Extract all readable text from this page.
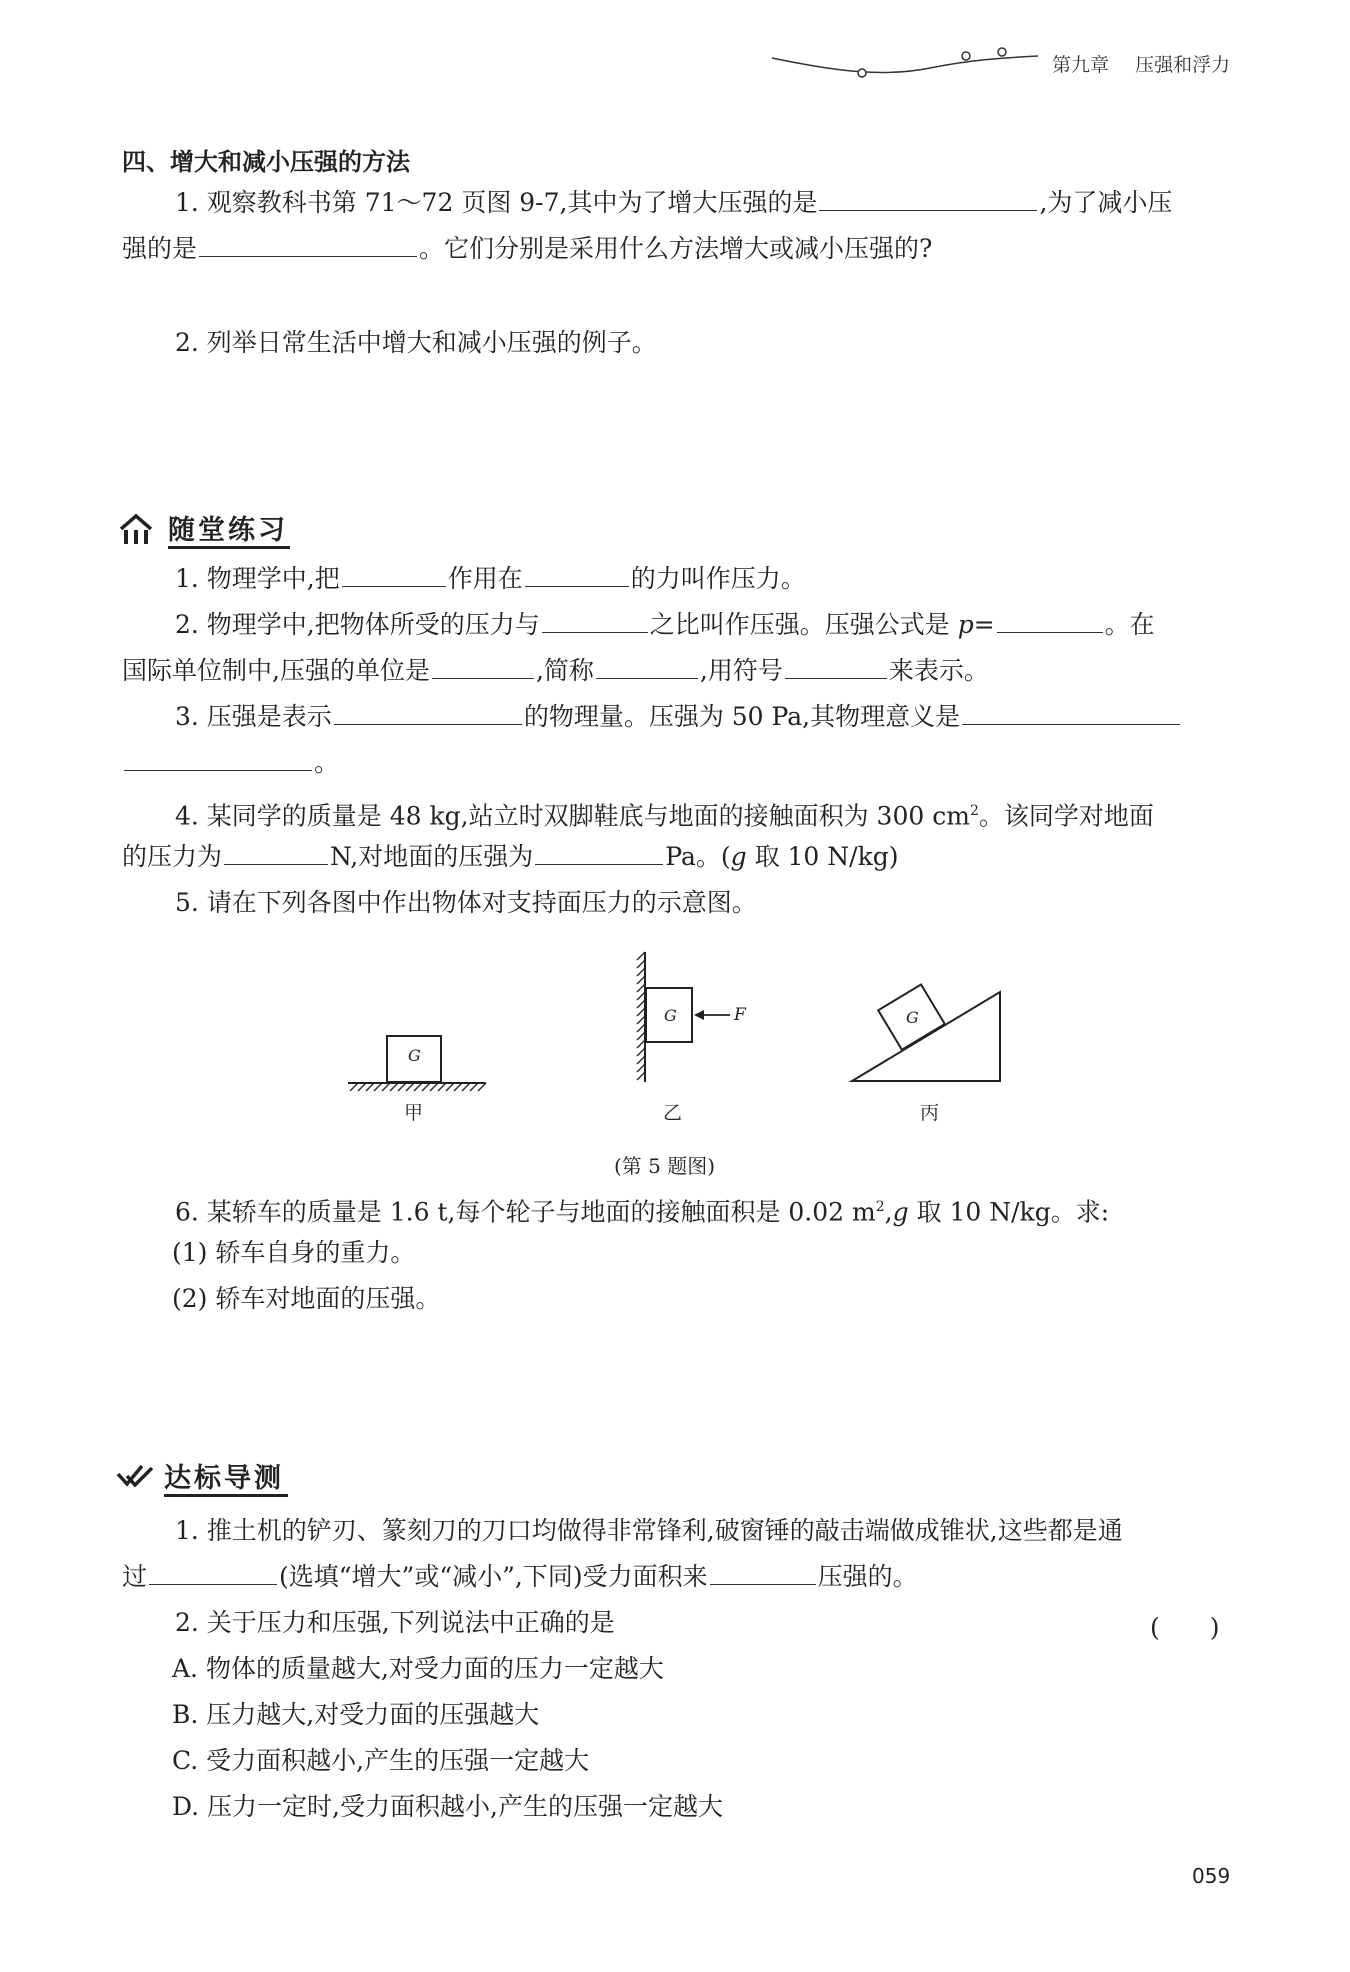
第九章 压强和浮力
四、增大和减小压强的方法
1. 观察教科书第 71～72 页图 9-7,其中为了增大压强的是	,为了减小压
强的是	。它们分别是采用什么方法增大或减小压强的?
2. 列举日常生活中增大和减小压强的例子。
随堂练习
1. 物理学中,把	作用在	的力叫作压力。
2. 物理学中,把物体所受的压力与	之比叫作压强。压强公式是 p=	。在
国际单位制中,压强的单位是	,简称	,用符号	来表示。
3. 压强是表示	的物理量。压强为 50 Pa,其物理意义是
。
4. 某同学的质量是 48 kg,站立时双脚鞋底与地面的接触面积为 300 $cm^2$。该同学对地面
的压力为	N,对地面的压强为	Pa。(g 取 10 N/kg)
5. 请在下列各图中作出物体对支持面压力的示意图。
G
G	F	G
甲	乙	丙
(第 5 题图)
6. 某轿车的质量是 1.6 t,每个轮子与地面的接触面积是 0.02 $m^2,g$ 取 10 N/kg。求:
(1) 轿车自身的重力。
(2) 轿车对地面的压强。
达标导测
1. 推土机的铲刃、篆刻刀的刀口均做得非常锋利,破窗锤的敲击端做成锥状,这些都是通
过	(选填“增大”或“减小”,下同)受力面积来	压强的。
2. 关于压力和压强,下列说法中正确的是	(　　)
A. 物体的质量越大,对受力面的压力一定越大
B. 压力越大,对受力面的压强越大
C. 受力面积越小,产生的压强一定越大
D. 压力一定时,受力面积越小,产生的压强一定越大
059
